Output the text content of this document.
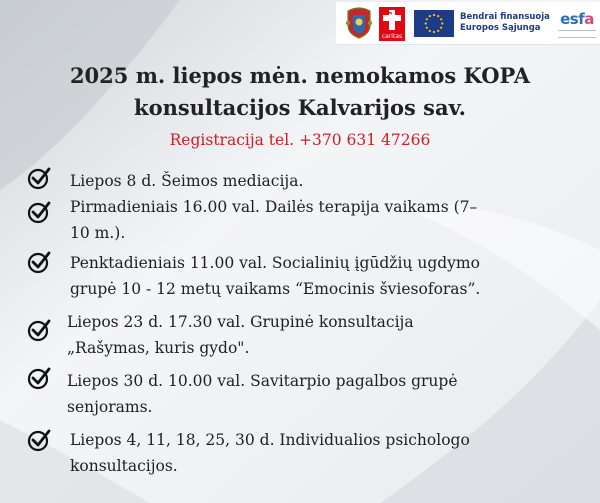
caritas
Bendrai finansuoja
Europos Sąjunga	esfa
2025 m. liepos mėn. nemokamos KOPA
konsultacijos Kalvarijos sav.
Registracija tel. +370 631 47266
Liepos 8 d. Šeimos mediacija.
Pirmadieniais 16.00 val. Dailės terapija vaikams (7–
10 m.).
Penktadieniais 11.00 val. Socialinių įgūdžių ugdymo
grupė 10 - 12 metų vaikams “Emocinis šviesoforas”.
Liepos 23 d. 17.30 val. Grupinė konsultacija
„Rašymas, kuris gydo".
Liepos 30 d. 10.00 val. Savitarpio pagalbos grupė
senjorams.
Liepos 4, 11, 18, 25, 30 d. Individualios psichologo
konsultacijos.
